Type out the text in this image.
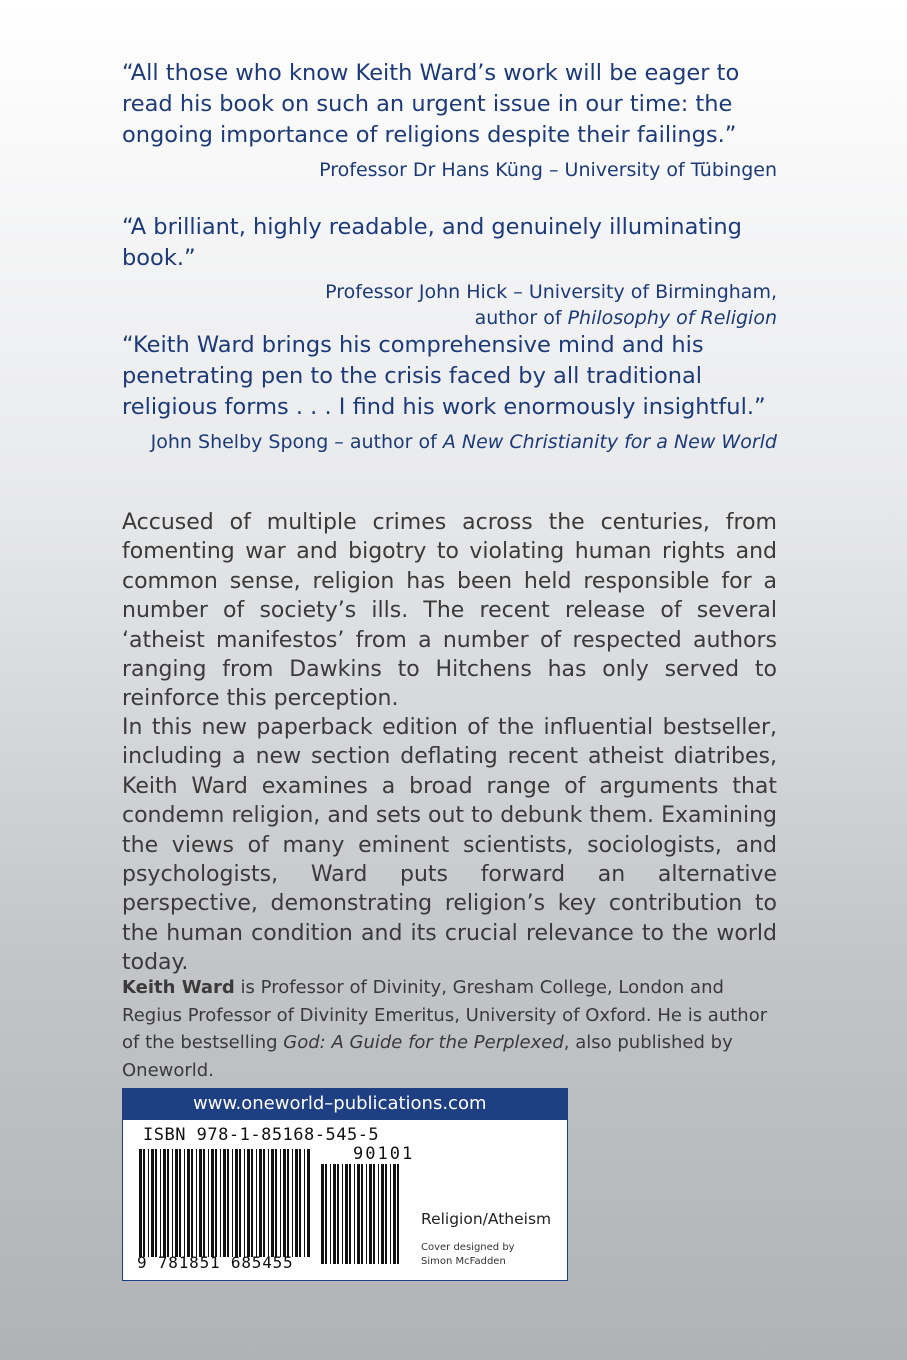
“All those who know Keith Ward’s work will be eager to read his book on such an urgent issue in our time: the ongoing importance of religions despite their failings.”

Professor Dr Hans Küng – University of Tübingen

“A brilliant, highly readable, and genuinely illuminating book.”

Professor John Hick – University of Birmingham,
author of Philosophy of Religion

“Keith Ward brings his comprehensive mind and his penetrating pen to the crisis faced by all traditional religious forms . . . I find his work enormously insightful.”

John Shelby Spong – author of A New Christianity for a New World

Accused of multiple crimes across the centuries, from fomenting war and bigotry to violating human rights and common sense, religion has been held responsible for a number of society’s ills. The recent release of several ‘atheist manifestos’ from a number of respected authors ranging from Dawkins to Hitchens has only served to reinforce this perception.

In this new paperback edition of the influential bestseller, including a new section deflating recent atheist diatribes, Keith Ward examines a broad range of arguments that condemn religion, and sets out to debunk them. Examining the views of many eminent scientists, sociologists, and psychologists, Ward puts forward an alternative perspective, demonstrating religion’s key contribution to the human condition and its crucial relevance to the world today.

Keith Ward is Professor of Divinity, Gresham College, London and Regius Professor of Divinity Emeritus, University of Oxford. He is author of the bestselling God: A Guide for the Perplexed, also published by Oneworld.

www.oneworld–publications.com
ISBN 978-1-85168-545-5
90101
9 781851 685455
Religion/Atheism
Cover designed by Simon McFadden
